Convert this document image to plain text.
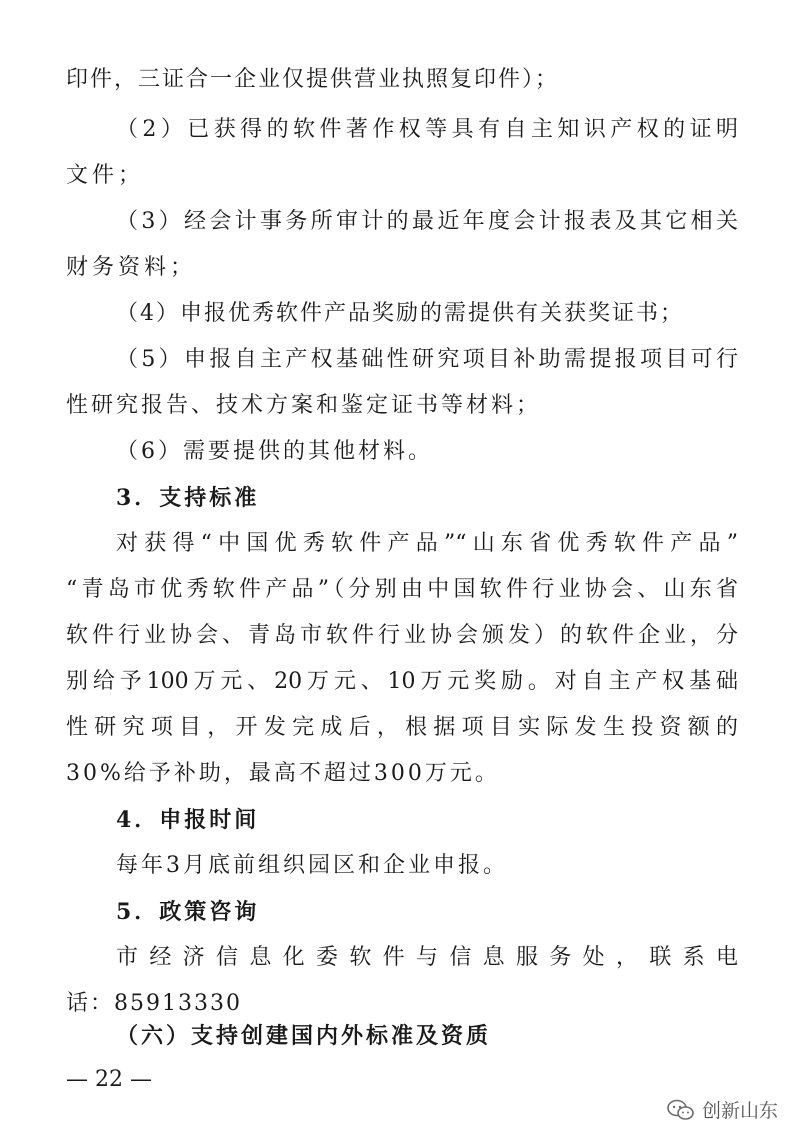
印件，三证合一企业仅提供营业执照复印件）；
（2）已获得的软件著作权等具有自主知识产权的证明
文件；
（3）经会计事务所审计的最近年度会计报表及其它相关
财务资料；
（4）申报优秀软件产品奖励的需提供有关获奖证书；
（5）申报自主产权基础性研究项目补助需提报项目可行
性研究报告、技术方案和鉴定证书等材料；
（6）需要提供的其他材料。
3．支持标准
对获得“中国优秀软件产品”“山东省优秀软件产品”
“青岛市优秀软件产品”（分别由中国软件行业协会、山东省
软件行业协会、青岛市软件行业协会颁发）的软件企业，分
别给予100万元、20万元、10万元奖励。对自主产权基础
性研究项目，开发完成后，根据项目实际发生投资额的
30%给予补助，最高不超过300万元。
4．申报时间
每年3月底前组织园区和企业申报。
5．政策咨询
市经济信息化委软件与信息服务处，联系电
话：85913330
（六）支持创建国内外标准及资质
— 22 —
创新山东
